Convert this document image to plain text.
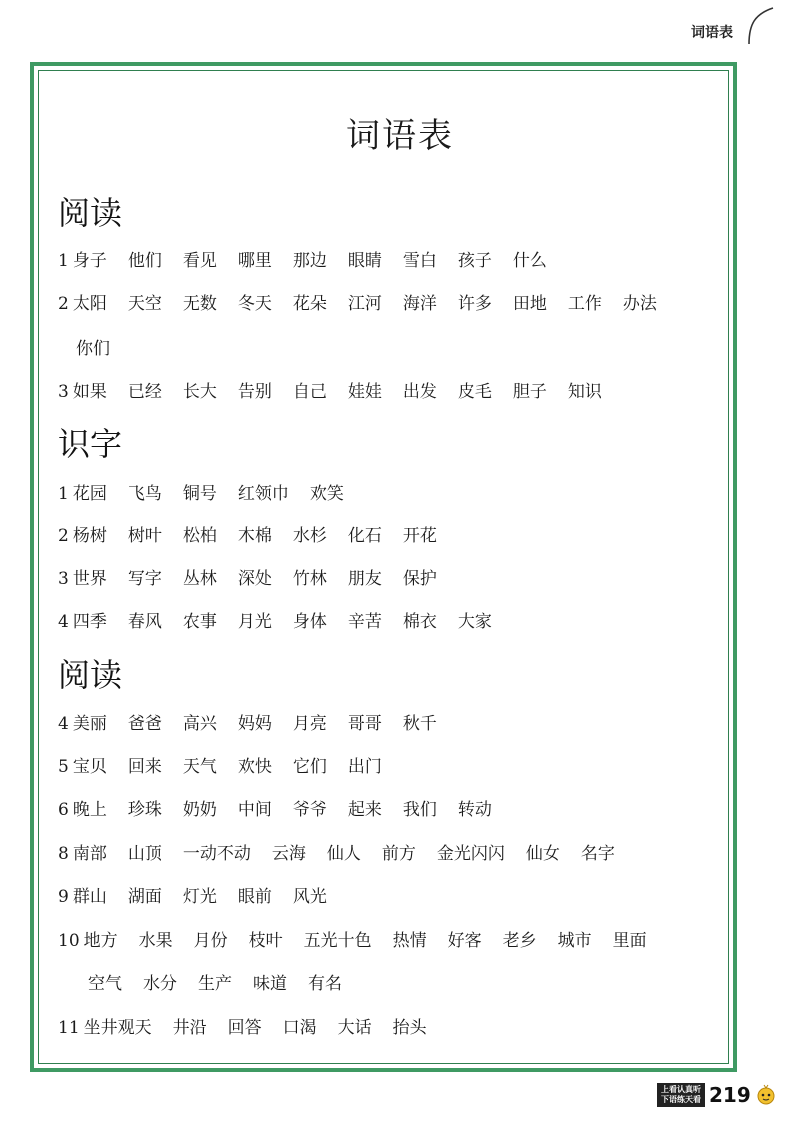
词语表
词语表
阅读
1 身子 他们 看见 哪里 那边 眼睛 雪白 孩子 什么
2 太阳 天空 无数 冬天 花朵 江河 海洋 许多 田地 工作 办法
你们
3 如果 已经 长大 告别 自己 娃娃 出发 皮毛 胆子 知识
识字
1 花园 飞鸟 铜号 红领巾 欢笑
2 杨树 树叶 松柏 木棉 水杉 化石 开花
3 世界 写字 丛林 深处 竹林 朋友 保护
4 四季 春风 农事 月光 身体 辛苦 棉衣 大家
阅读
4 美丽 爸爸 高兴 妈妈 月亮 哥哥 秋千
5 宝贝 回来 天气 欢快 它们 出门
6 晚上 珍珠 奶奶 中间 爷爷 起来 我们 转动
8 南部 山顶 一动不动 云海 仙人 前方 金光闪闪 仙女 名字
9 群山 湖面 灯光 眼前 风光
10 地方 水果 月份 枝叶 五光十色 热情 好客 老乡 城市 里面
空气 水分 生产 味道 有名
11 坐井观天 井沿 回答 口渴 大话 抬头
上看认真听
下语练天看 219
